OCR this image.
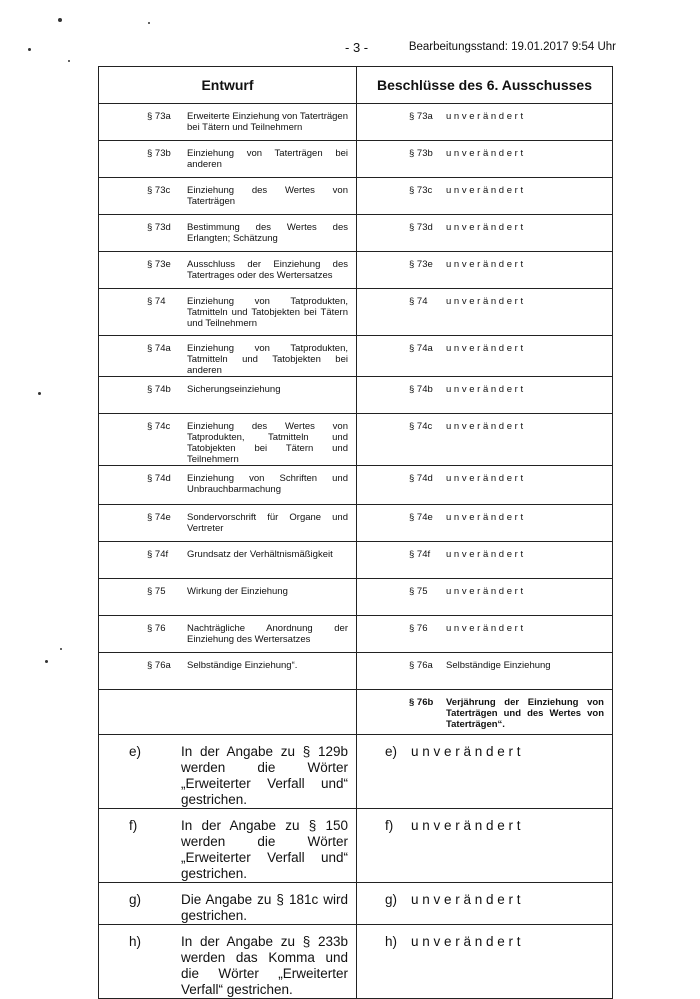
- 3 -	Bearbeitungsstand: 19.01.2017 9:54 Uhr
Entwurf	Beschlüsse des 6. Ausschusses

§ 73a Erweiterte Einziehung von Taterträgen bei Tätern und Teilnehmern	§ 73a u n v e r ä n d e r t

§ 73b Einziehung von Taterträgen bei anderen	§ 73b u n v e r ä n d e r t

§ 73c Einziehung des Wertes von Taterträgen	§ 73c u n v e r ä n d e r t

§ 73d Bestimmung des Wertes des Erlangten; Schätzung	§ 73d u n v e r ä n d e r t

§ 73e Ausschluss der Einziehung des Tatertrages oder des Wertersatzes	§ 73e u n v e r ä n d e r t

§ 74 Einziehung von Tatprodukten, Tatmitteln und Tatobjekten bei Tätern und Teilnehmern	§ 74 u n v e r ä n d e r t

§ 74a Einziehung von Tatprodukten, Tatmitteln und Tatobjekten bei anderen	§ 74a u n v e r ä n d e r t

§ 74b Sicherungseinziehung	§ 74b u n v e r ä n d e r t

§ 74c Einziehung des Wertes von Tatprodukten, Tatmitteln und Tatobjekten bei Tätern und Teilnehmern	§ 74c u n v e r ä n d e r t

§ 74d Einziehung von Schriften und Unbrauchbarmachung	§ 74d u n v e r ä n d e r t

§ 74e Sondervorschrift für Organe und Vertreter	§ 74e u n v e r ä n d e r t

§ 74f Grundsatz der Verhältnismäßigkeit	§ 74f u n v e r ä n d e r t

§ 75 Wirkung der Einziehung	§ 75 u n v e r ä n d e r t

§ 76 Nachträgliche Anordnung der Einziehung des Wertersatzes	§ 76 u n v e r ä n d e r t

§ 76a Selbständige Einziehung“.	§ 76a Selbständige Einziehung

	§ 76b Verjährung der Einziehung von Taterträgen und des Wertes von Taterträgen“.

e) In der Angabe zu § 129b werden die Wörter „Erweiterter Verfall und“ gestrichen.	e) u n v e r ä n d e r t

f) In der Angabe zu § 150 werden die Wörter „Erweiterter Verfall und“ gestrichen.	f) u n v e r ä n d e r t

g) Die Angabe zu § 181c wird gestrichen.	g) u n v e r ä n d e r t

h) In der Angabe zu § 233b werden das Komma und die Wörter „Erweiterter Verfall“ gestrichen.	h) u n v e r ä n d e r t
